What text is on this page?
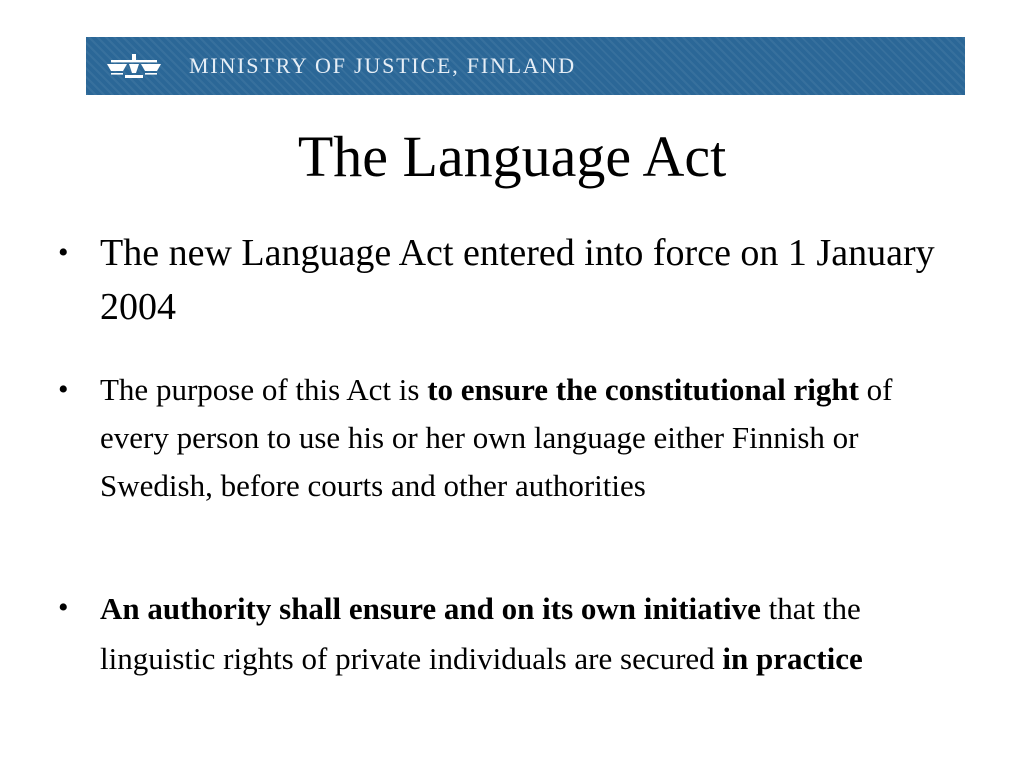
MINISTRY OF JUSTICE, FINLAND
The Language Act
• The new Language Act entered into force on 1 January 2004
• The purpose of this Act is to ensure the constitutional right of every person to use his or her own language either Finnish or Swedish, before courts and other authorities
• An authority shall ensure and on its own initiative that the linguistic rights of private individuals are secured in practice
